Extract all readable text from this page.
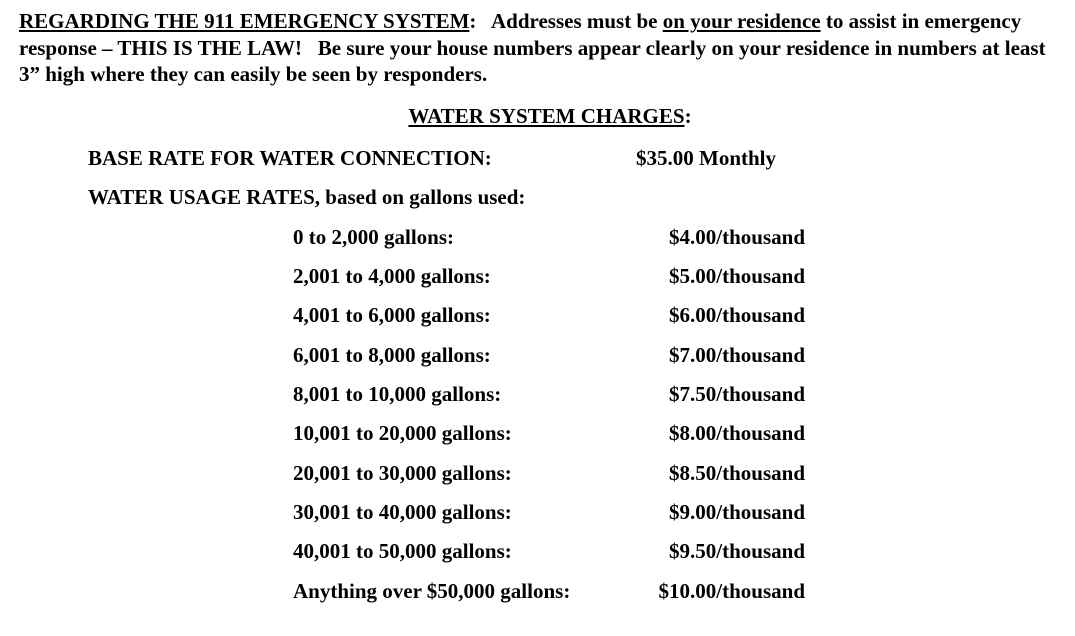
REGARDING THE 911 EMERGENCY SYSTEM:   Addresses must be on your residence to assist in emergency response – THIS IS THE LAW!   Be sure your house numbers appear clearly on your residence in numbers at least 3” high where they can easily be seen by responders.
WATER SYSTEM CHARGES:
BASE RATE FOR WATER CONNECTION:	$35.00 Monthly
WATER USAGE RATES, based on gallons used:
0 to 2,000 gallons:	$4.00/thousand
2,001 to 4,000 gallons:	$5.00/thousand
4,001 to 6,000 gallons:	$6.00/thousand
6,001 to 8,000 gallons:	$7.00/thousand
8,001 to 10,000 gallons:	$7.50/thousand
10,001 to 20,000 gallons:	$8.00/thousand
20,001 to 30,000 gallons:	$8.50/thousand
30,001 to 40,000 gallons:	$9.00/thousand
40,001 to 50,000 gallons:	$9.50/thousand
Anything over $50,000 gallons:	$10.00/thousand
